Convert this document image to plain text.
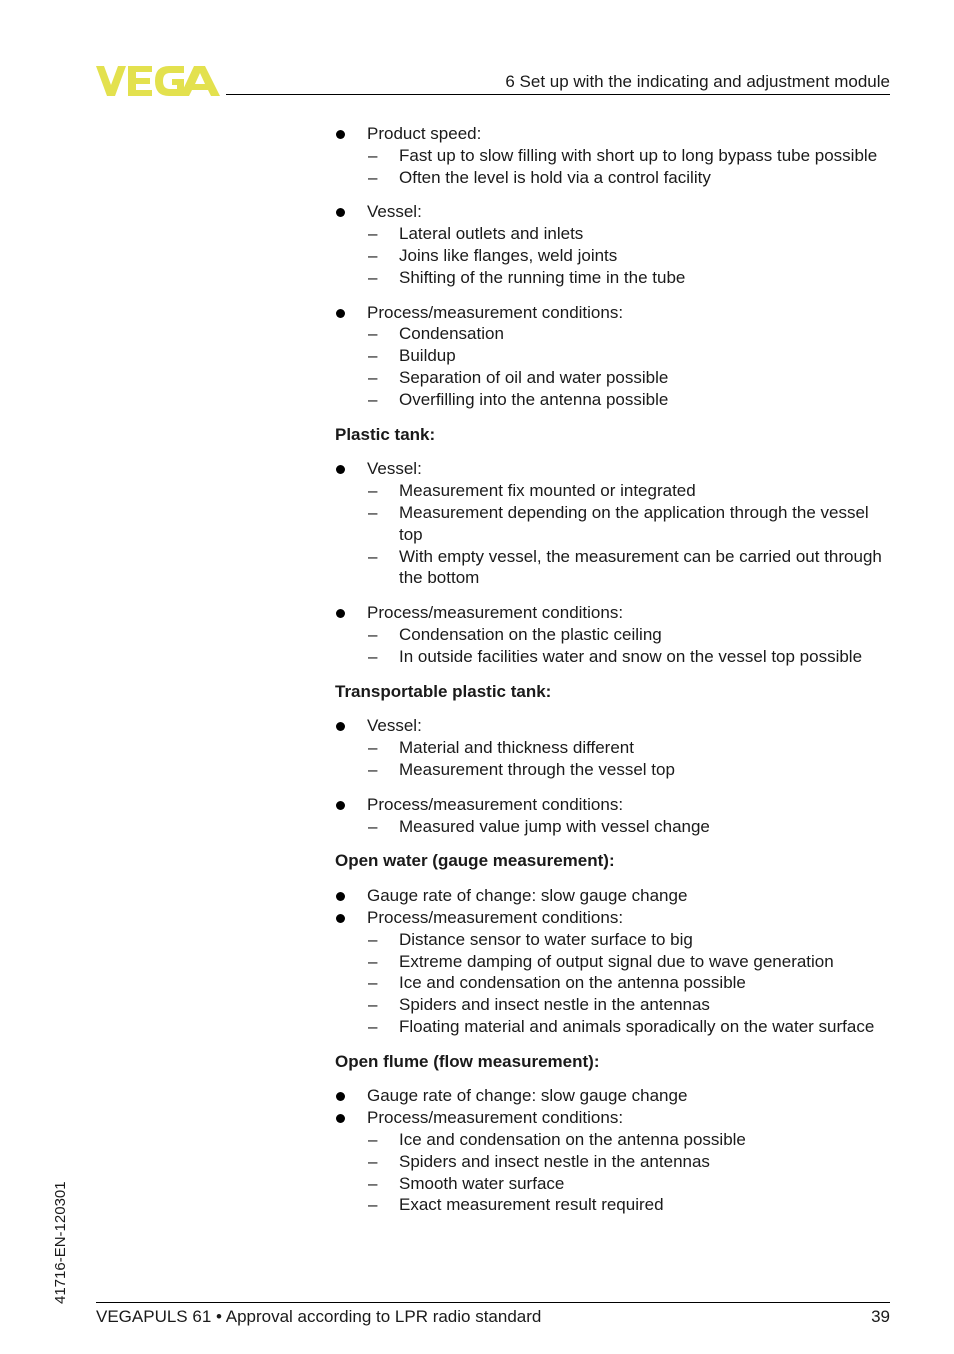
6 Set up with the indicating and adjustment module
Product speed:
– Fast up to slow filling with short up to long bypass tube possible
– Often the level is hold via a control facility
Vessel:
– Lateral outlets and inlets
– Joins like flanges, weld joints
– Shifting of the running time in the tube
Process/measurement conditions:
– Condensation
– Buildup
– Separation of oil and water possible
– Overfilling into the antenna possible
Plastic tank:
Vessel:
– Measurement fix mounted or integrated
– Measurement depending on the application through the vessel top
– With empty vessel, the measurement can be carried out through the bottom
Process/measurement conditions:
– Condensation on the plastic ceiling
– In outside facilities water and snow on the vessel top possible
Transportable plastic tank:
Vessel:
– Material and thickness different
– Measurement through the vessel top
Process/measurement conditions:
– Measured value jump with vessel change
Open water (gauge measurement):
Gauge rate of change: slow gauge change
Process/measurement conditions:
– Distance sensor to water surface to big
– Extreme damping of output signal due to wave generation
– Ice and condensation on the antenna possible
– Spiders and insect nestle in the antennas
– Floating material and animals sporadically on the water surface
Open flume (flow measurement):
Gauge rate of change: slow gauge change
Process/measurement conditions:
– Ice and condensation on the antenna possible
– Spiders and insect nestle in the antennas
– Smooth water surface
– Exact measurement result required
41716-EN-120301
VEGAPULS 61 • Approval according to LPR radio standard	39
